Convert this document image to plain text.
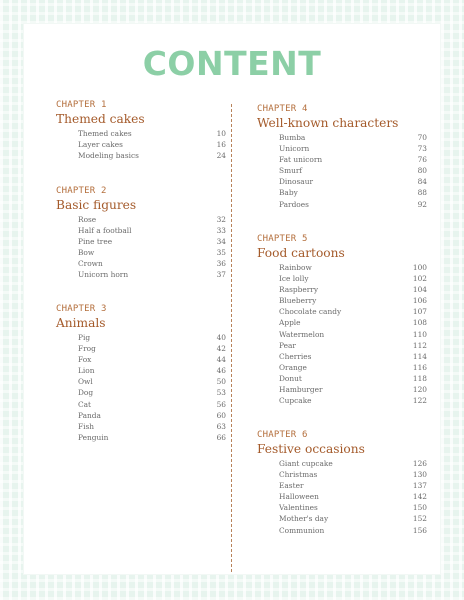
CONTENT
CHAPTER 1
Themed cakes
Themed cakes	10
Layer cakes	16
Modeling basics	24
CHAPTER 2
Basic figures
Rose	32
Half a football	33
Pine tree	34
Bow	35
Crown	36
Unicorn horn	37
CHAPTER 3
Animals
Pig	40
Frog	42
Fox	44
Lion	46
Owl	50
Dog	53
Cat	56
Panda	60
Fish	63
Penguin	66
CHAPTER 4
Well-known characters
Bumba	70
Unicorn	73
Fat unicorn	76
Smurf	80
Dinosaur	84
Baby	88
Pardoes	92
CHAPTER 5
Food cartoons
Rainbow	100
Ice lolly	102
Raspberry	104
Blueberry	106
Chocolate candy	107
Apple	108
Watermelon	110
Pear	112
Cherries	114
Orange	116
Donut	118
Hamburger	120
Cupcake	122
CHAPTER 6
Festive occasions
Giant cupcake	126
Christmas	130
Easter	137
Halloween	142
Valentines	150
Mother's day	152
Communion	156
